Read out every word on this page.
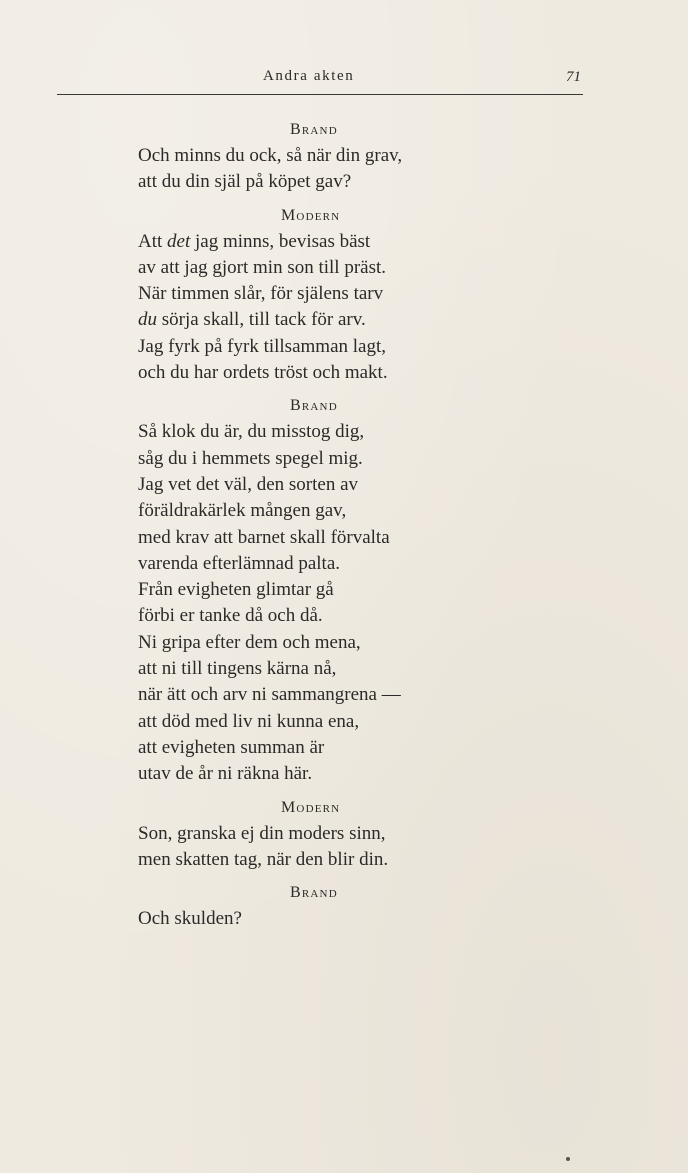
Andra akten	71
Brand
Och minns du ock, så när din grav,
att du din själ på köpet gav?
Modern
Att det jag minns, bevisas bäst
av att jag gjort min son till präst.
När timmen slår, för själens tarv
du sörja skall, till tack för arv.
Jag fyrk på fyrk tillsamman lagt,
och du har ordets tröst och makt.
Brand
Så klok du är, du misstog dig,
såg du i hemmets spegel mig.
Jag vet det väl, den sorten av
föräldrakärlek mången gav,
med krav att barnet skall förvalta
varenda efterlämnad palta.
Från evigheten glimtar gå
förbi er tanke då och då.
Ni gripa efter dem och mena,
att ni till tingens kärna nå,
när ätt och arv ni sammangrena —
att död med liv ni kunna ena,
att evigheten summan är
utav de år ni räkna här.
Modern
Son, granska ej din moders sinn,
men skatten tag, när den blir din.
Brand
Och skulden?
